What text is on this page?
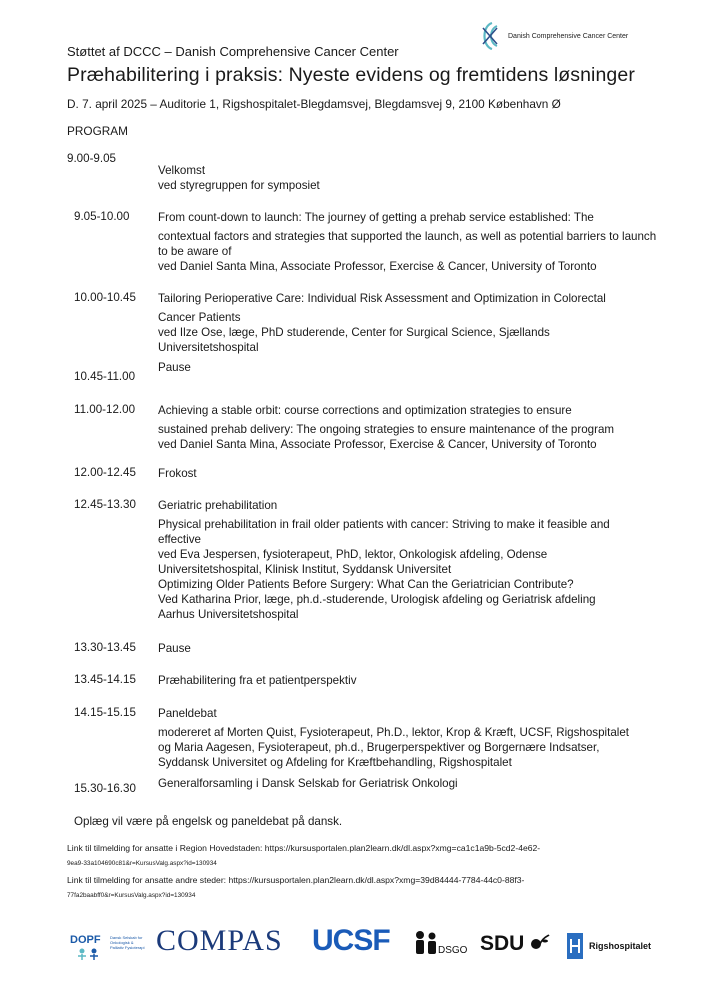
Danish Comprehensive Cancer Center
Støttet af DCCC – Danish Comprehensive Cancer Center
Præhabilitering i praksis: Nyeste evidens og fremtidens løsninger
D. 7. april 2025 – Auditorie 1, Rigshospitalet-Blegdamsvej, Blegdamsvej 9, 2100 København Ø
PROGRAM
9.00-9.05
Velkomst
ved styregruppen for symposiet
9.05-10.00 From count-down to launch: The journey of getting a prehab service established: The
contextual factors and strategies that supported the launch, as well as potential barriers to launch to be aware of
ved Daniel Santa Mina, Associate Professor, Exercise & Cancer, University of Toronto
10.00-10.45 Tailoring Perioperative Care: Individual Risk Assessment and Optimization in Colorectal
Cancer Patients
ved Ilze Ose, læge, PhD studerende, Center for Surgical Science, Sjællands Universitetshospital
10.45-11.00
Pause
11.00-12.00 Achieving a stable orbit: course corrections and optimization strategies to ensure
sustained prehab delivery: The ongoing strategies to ensure maintenance of the program
ved Daniel Santa Mina, Associate Professor, Exercise & Cancer, University of Toronto
12.00-12.45 Frokost
12.45-13.30 Geriatric prehabilitation
Physical prehabilitation in frail older patients with cancer: Striving to make it feasible and effective
ved Eva Jespersen, fysioterapeut, PhD, lektor, Onkologisk afdeling, Odense Universitetshospital, Klinisk Institut, Syddansk Universitet
Optimizing Older Patients Before Surgery: What Can the Geriatrician Contribute?
Ved Katharina Prior, læge, ph.d.-studerende, Urologisk afdeling og Geriatrisk afdeling Aarhus Universitetshospital
13.30-13.45 Pause
13.45-14.15 Præhabilitering fra et patientperspektiv
14.15-15.15 Paneldebat
modereret af Morten Quist, Fysioterapeut, Ph.D., lektor, Krop & Kræft, UCSF, Rigshospitalet og Maria Aagesen, Fysioterapeut, ph.d., Brugerperspektiver og Borgernære Indsatser, Syddansk Universitet og Afdeling for Kræftbehandling, Rigshospitalet
15.30-16.30 Generalforsamling i Dansk Selskab for Geriatrisk Onkologi
Oplæg vil være på engelsk og paneldebat på dansk.
Link til tilmelding for ansatte i Region Hovedstaden: https://kursusportalen.plan2learn.dk/dl.aspx?xmg=ca1c1a9b-5cd2-4e62-
9ea9-33a104690c81&r=KursusValg.aspx?id=130934
Link til tilmelding for ansatte andre steder: https://kursusportalen.plan2learn.dk/dl.aspx?xmg=39d84444-7784-44c0-88f3-
77fa2baabff0&r=KursusValg.aspx?id=130934
DOPF Dansk Selskab for Onkologisk & Palliativ Fysioterapi COMPAS UCSF	DSGO SDU	Rigshospitalet
